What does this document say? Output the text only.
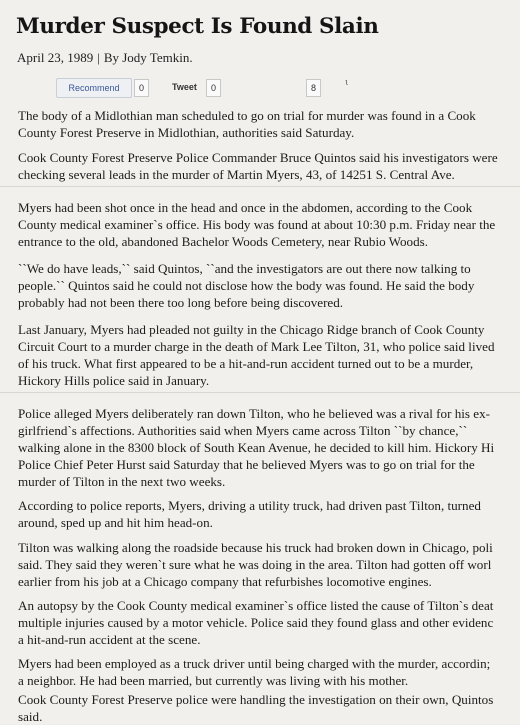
Murder Suspect Is Found Slain
April 23, 1989 | By Jody Temkin.
Recommend	0	Tweet	0	8	ι
The body of a Midlothian man scheduled to go on trial for murder was found in a Cook
County Forest Preserve in Midlothian, authorities said Saturday.
Cook County Forest Preserve Police Commander Bruce Quintos said his investigators were
checking several leads in the murder of Martin Myers, 43, of 14251 S. Central Ave.
Myers had been shot once in the head and once in the abdomen, according to the Cook
County medical examiner`s office. His body was found at about 10:30 p.m. Friday near the
entrance to the old, abandoned Bachelor Woods Cemetery, near Rubio Woods.
``We do have leads,`` said Quintos, ``and the investigators are out there now talking to
people.`` Quintos said he could not disclose how the body was found. He said the body
probably had not been there too long before being discovered.
Last January, Myers had pleaded not guilty in the Chicago Ridge branch of Cook County
Circuit Court to a murder charge in the death of Mark Lee Tilton, 31, who police said lived
of his truck. What first appeared to be a hit-and-run accident turned out to be a murder,
Hickory Hills police said in January.
Police alleged Myers deliberately ran down Tilton, who he believed was a rival for his ex-
girlfriend`s affections. Authorities said when Myers came across Tilton ``by chance,``
walking alone in the 8300 block of South Kean Avenue, he decided to kill him. Hickory Hi
Police Chief Peter Hurst said Saturday that he believed Myers was to go on trial for the
murder of Tilton in the next two weeks.
According to police reports, Myers, driving a utility truck, had driven past Tilton, turned
around, sped up and hit him head-on.
Tilton was walking along the roadside because his truck had broken down in Chicago, poli
said. They said they weren`t sure what he was doing in the area. Tilton had gotten off worl
earlier from his job at a Chicago company that refurbishes locomotive engines.
An autopsy by the Cook County medical examiner`s office listed the cause of Tilton`s deat
multiple injuries caused by a motor vehicle. Police said they found glass and other evidenc
a hit-and-run accident at the scene.
Myers had been employed as a truck driver until being charged with the murder, accordin;
a neighbor. He had been married, but currently was living with his mother.
Cook County Forest Preserve police were handling the investigation on their own, Quintos
said.
